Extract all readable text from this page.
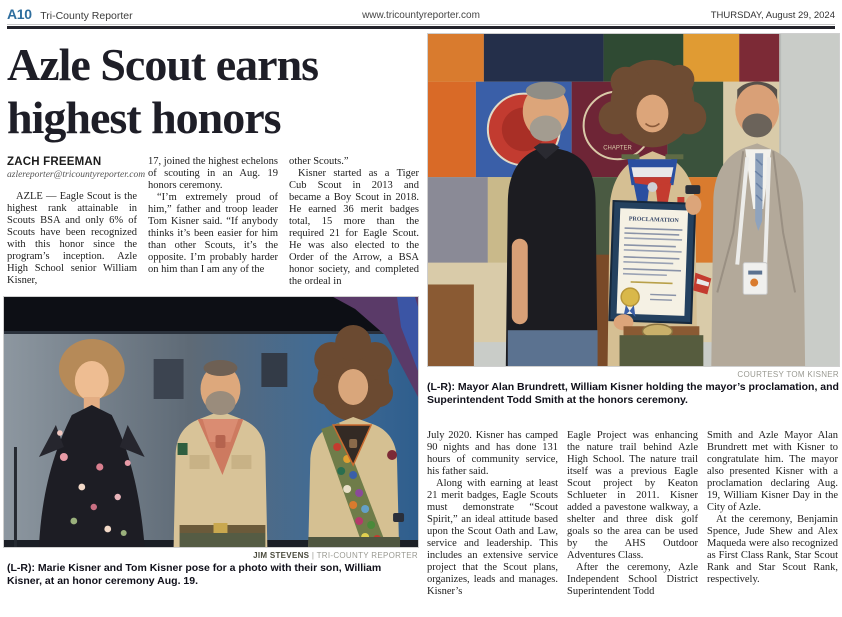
A10 Tri-County Reporter	www.tricountyreporter.com	THURSDAY, August 29, 2024
Azle Scout earns highest honors
ZACH FREEMAN
azlereporter@tricountyreporter.com

AZLE — Eagle Scout is the highest rank attainable in Scouts BSA and only 6% of Scouts have been recognized with this honor since the program’s inception. Azle High School senior William Kisner,

17, joined the highest echelons of scouting in an Aug. 19 honors ceremony.

“I’m extremely proud of him,” father and troop leader Tom Kisner said. “If anybody thinks it’s been easier for him than other Scouts, it’s the opposite. I’m probably harder on him than I am any of the

other Scouts.”

Kisner started as a Tiger Cub Scout in 2013 and became a Boy Scout in 2018. He earned 36 merit badges total, 15 more than the required 21 for Eagle Scout. He was also elected to the Order of the Arrow, a BSA honor society, and completed the ordeal in

JIM STEVENS | TRI-COUNTY REPORTER
(L-R): Marie Kisner and Tom Kisner pose for a photo with their son, William Kisner, at an honor ceremony Aug. 19.
CHAPTER
PROCLAMATION
COURTESY TOM KISNER
(L-R): Mayor Alan Brundrett, William Kisner holding the mayor’s proclamation, and Superintendent Todd Smith at the honors ceremony.

July 2020. Kisner has camped 90 nights and has done 131 hours of community service, his father said.

Along with earning at least 21 merit badges, Eagle Scouts must demonstrate “Scout Spirit,” an ideal attitude based upon the Scout Oath and Law, service and leadership. This includes an extensive service project that the Scout plans, organizes, leads and manages. Kisner’s

Eagle Project was enhancing the nature trail behind Azle High School. The nature trail itself was a previous Eagle Scout project by Keaton Schlueter in 2011. Kisner added a pavestone walkway, a shelter and three disk golf goals so the area can be used by the AHS Outdoor Adventures Class.

After the ceremony, Azle Independent School District Superintendent Todd

Smith and Azle Mayor Alan Brundrett met with Kisner to congratulate him. The mayor also presented Kisner with a proclamation declaring Aug. 19, William Kisner Day in the City of Azle.

At the ceremony, Benjamin Spence, Jude Shew and Alex Maqueda were also recognized as First Class Rank, Star Scout Rank and Star Scout Rank, respectively.
